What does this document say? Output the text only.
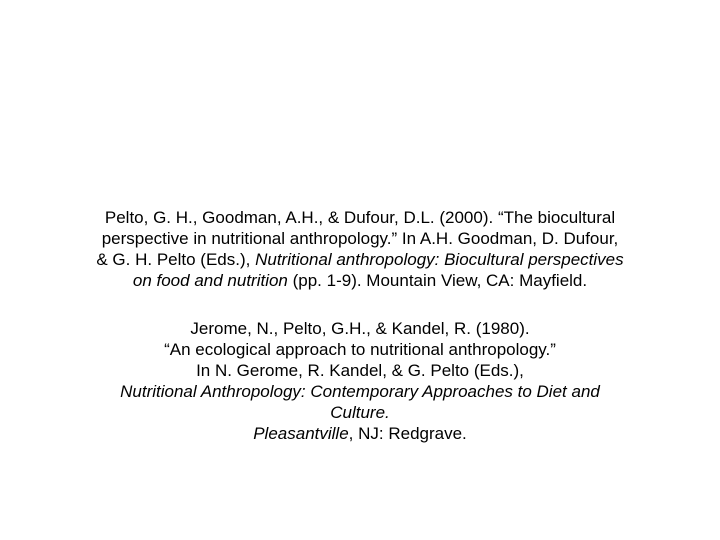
Pelto, G. H., Goodman, A.H., & Dufour, D.L. (2000). “The biocultural
perspective in nutritional anthropology.” In A.H. Goodman, D. Dufour,
& G. H. Pelto (Eds.), Nutritional anthropology: Biocultural perspectives
on food and nutrition (pp. 1-9). Mountain View, CA: Mayfield.
Jerome, N., Pelto, G.H., & Kandel, R. (1980).
“An ecological approach to nutritional anthropology.”
In N. Gerome, R. Kandel, & G. Pelto (Eds.),
Nutritional Anthropology: Contemporary Approaches to Diet and
Culture.
Pleasantville, NJ: Redgrave.
